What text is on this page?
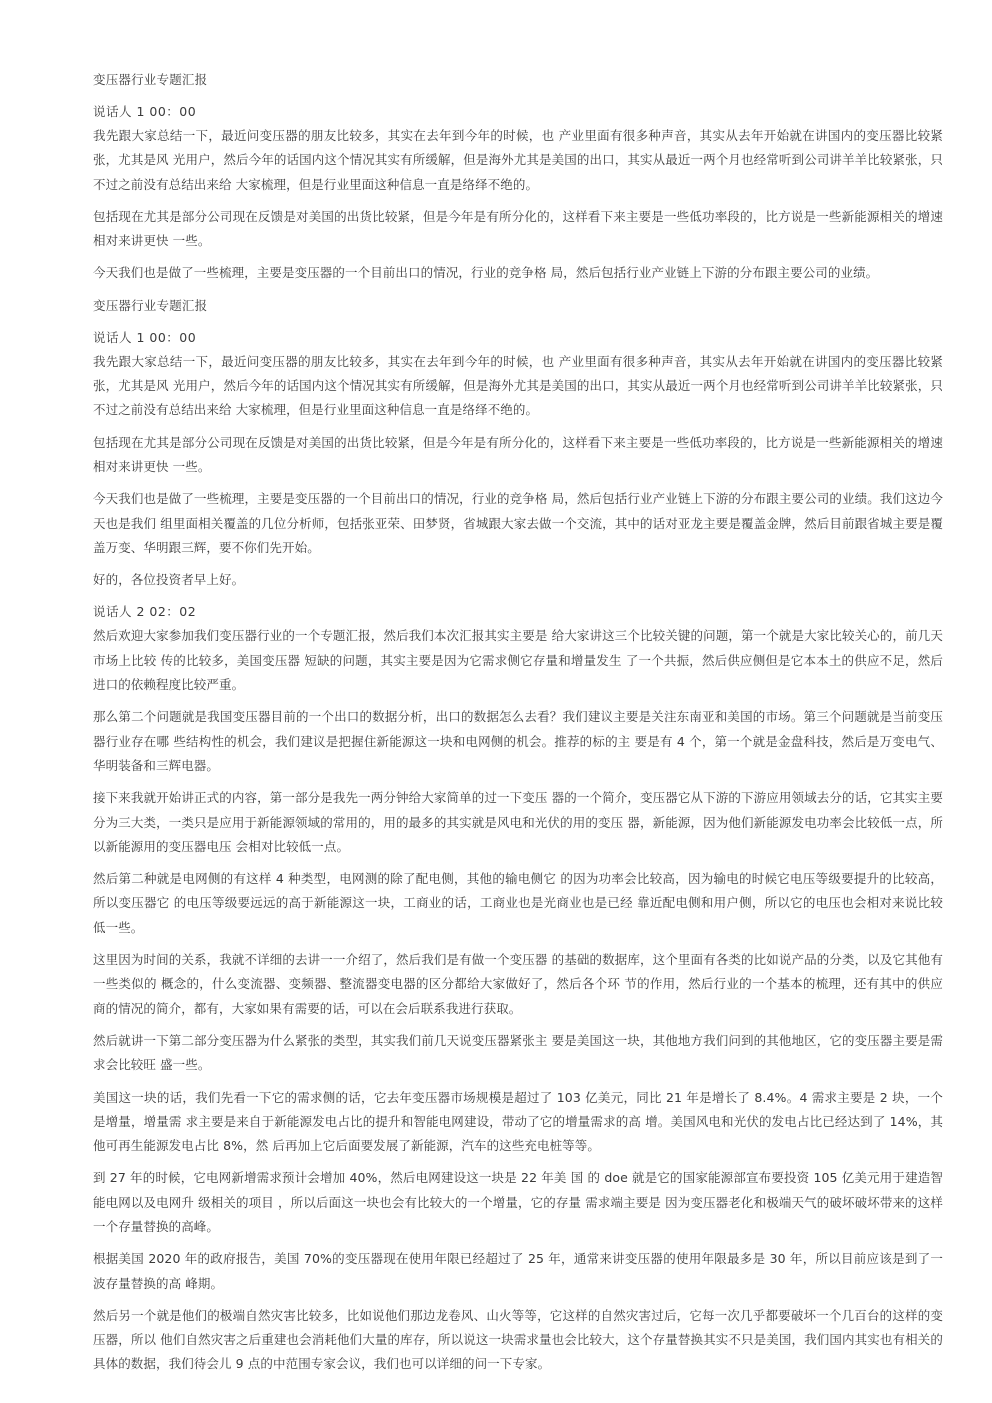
变压器行业专题汇报

说话人 1 00：00

我先跟大家总结一下，最近问变压器的朋友比较多，其实在去年到今年的时候，也 产业里面有很多种声音，其实从去年开始就在讲国内的变压器比较紧张，尤其是风 光用户，然后今年的话国内这个情况其实有所缓解，但是海外尤其是美国的出口，其实从最近一两个月也经常听到公司讲羊羊比较紧张，只不过之前没有总结出来给 大家梳理，但是行业里面这种信息一直是络绎不绝的。

包括现在尤其是部分公司现在反馈是对美国的出货比较紧，但是今年是有所分化的，这样看下来主要是一些低功率段的，比方说是一些新能源相关的增速相对来讲更快 一些。

今天我们也是做了一些梳理，主要是变压器的一个目前出口的情况，行业的竞争格 局，然后包括行业产业链上下游的分布跟主要公司的业绩。

变压器行业专题汇报

说话人 1 00：00

我先跟大家总结一下，最近问变压器的朋友比较多，其实在去年到今年的时候，也 产业里面有很多种声音，其实从去年开始就在讲国内的变压器比较紧张，尤其是风 光用户，然后今年的话国内这个情况其实有所缓解，但是海外尤其是美国的出口，其实从最近一两个月也经常听到公司讲羊羊比较紧张，只不过之前没有总结出来给 大家梳理，但是行业里面这种信息一直是络绎不绝的。

包括现在尤其是部分公司现在反馈是对美国的出货比较紧，但是今年是有所分化的，这样看下来主要是一些低功率段的，比方说是一些新能源相关的增速相对来讲更快 一些。

今天我们也是做了一些梳理，主要是变压器的一个目前出口的情况，行业的竞争格 局，然后包括行业产业链上下游的分布跟主要公司的业绩。我们这边今天也是我们 组里面相关覆盖的几位分析师，包括张亚荣、田梦贤，省城跟大家去做一个交流，其中的话对亚龙主要是覆盖金牌，然后目前跟省城主要是覆盖万变、华明跟三辉，要不你们先开始。

好的，各位投资者早上好。

说话人 2 02：02

然后欢迎大家参加我们变压器行业的一个专题汇报，然后我们本次汇报其实主要是 给大家讲这三个比较关键的问题，第一个就是大家比较关心的，前几天市场上比较 传的比较多，美国变压器 短缺的问题，其实主要是因为它需求侧它存量和增量发生 了一个共振，然后供应侧但是它本本土的供应不足，然后进口的依赖程度比较严重。

那么第二个问题就是我国变压器目前的一个出口的数据分析，出口的数据怎么去看？我们建议主要是关注东南亚和美国的市场。第三个问题就是当前变压器行业存在哪 些结构性的机会，我们建议是把握住新能源这一块和电网侧的机会。推荐的标的主 要是有 4 个，第一个就是金盘科技，然后是万变电气、华明装备和三辉电器。

接下来我就开始讲正式的内容，第一部分是我先一两分钟给大家简单的过一下变压 器的一个简介，变压器它从下游的下游应用领域去分的话，它其实主要分为三大类，一类只是应用于新能源领域的常用的，用的最多的其实就是风电和光伏的用的变压 器，新能源，因为他们新能源发电功率会比较低一点，所以新能源用的变压器电压 会相对比较低一点。

然后第二种就是电网侧的有这样 4 种类型，电网测的除了配电侧，其他的输电侧它 的因为功率会比较高，因为输电的时候它电压等级要提升的比较高，所以变压器它 的电压等级要远远的高于新能源这一块，工商业的话，工商业也是光商业也是已经 靠近配电侧和用户侧，所以它的电压也会相对来说比较低一些。

这里因为时间的关系，我就不详细的去讲一一介绍了，然后我们是有做一个变压器 的基础的数据库，这个里面有各类的比如说产品的分类，以及它其他有一些类似的 概念的，什么变流器、变频器、整流器变电器的区分都给大家做好了，然后各个环 节的作用，然后行业的一个基本的梳理，还有其中的供应商的情况的简介，都有，大家如果有需要的话，可以在会后联系我进行获取。

然后就讲一下第二部分变压器为什么紧张的类型，其实我们前几天说变压器紧张主 要是美国这一块，其他地方我们问到的其他地区，它的变压器主要是需求会比较旺 盛一些。

美国这一块的话，我们先看一下它的需求侧的话，它去年变压器市场规模是超过了 103 亿美元，同比 21 年是增长了 8.4%。4 需求主要是 2 块，一个是增量，增量需 求主要是来自于新能源发电占比的提升和智能电网建设，带动了它的增量需求的高 增。美国风电和光伏的发电占比已经达到了 14%，其他可再生能源发电占比 8%，然 后再加上它后面要发展了新能源，汽车的这些充电桩等等。

到 27 年的时候，它电网新增需求预计会增加 40%，然后电网建设这一块是 22 年美 国 的 doe 就是它的国家能源部宣布要投资 105 亿美元用于建造智能电网以及电网升 级相关的项目 ，所以后面这一块也会有比较大的一个增量，它的存量 需求端主要是 因为变压器老化和极端天气的破坏破坏带来的这样一个存量替换的高峰。

根据美国 2020 年的政府报告，美国 70%的变压器现在使用年限已经超过了 25 年，通常来讲变压器的使用年限最多是 30 年，所以目前应该是到了一波存量替换的高 峰期。

然后另一个就是他们的极端自然灾害比较多，比如说他们那边龙卷风、山火等等，它这样的自然灾害过后，它每一次几乎都要破坏一个几百台的这样的变压器，所以 他们自然灾害之后重建也会消耗他们大量的库存，所以说这一块需求量也会比较大，这个存量替换其实不只是美国，我们国内其实也有相关的具体的数据，我们待会儿 9 点的中范围专家会议，我们也可以详细的问一下专家。
